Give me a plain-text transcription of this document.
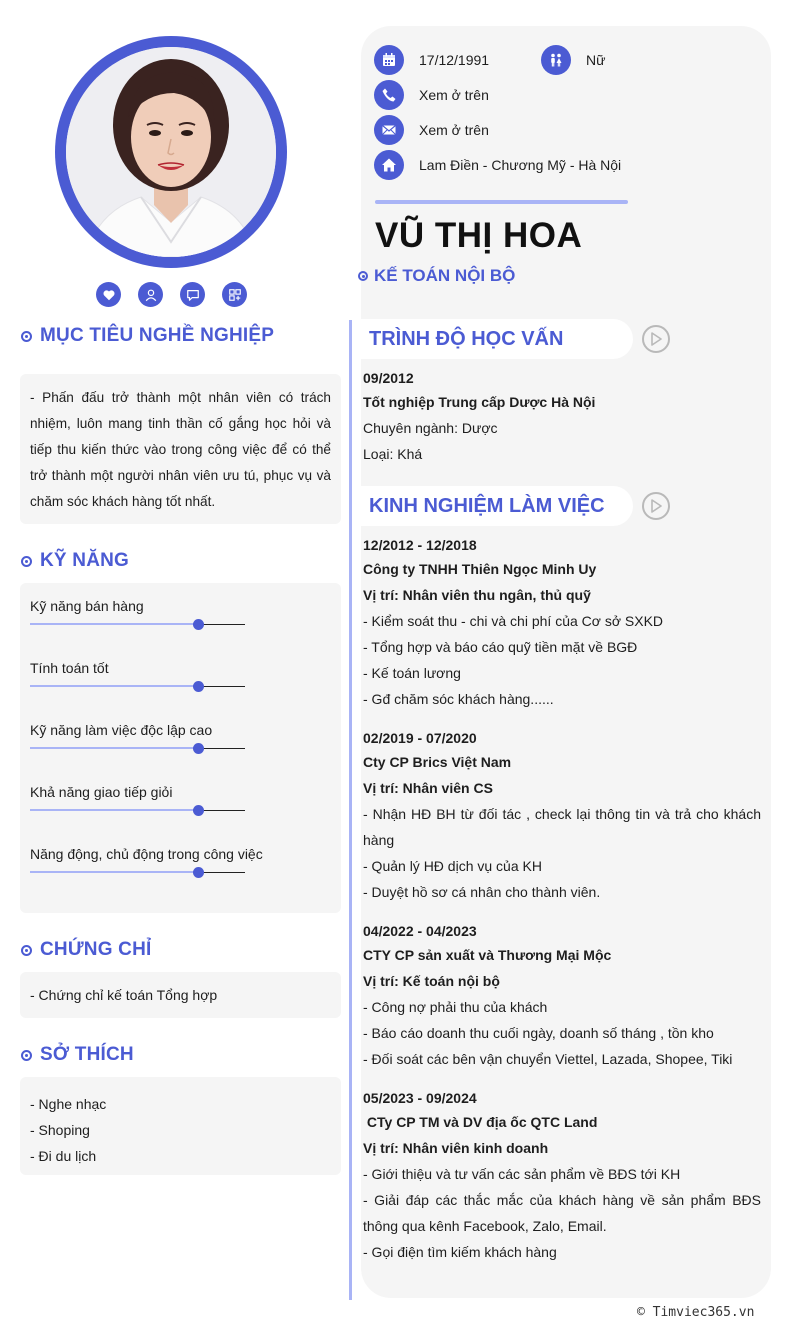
17/12/1991	Nữ
Xem ở trên
Xem ở trên
Lam Điền - Chương Mỹ - Hà Nội
VŨ THỊ HOA
KẾ TOÁN NỘI BỘ
MỤC TIÊU NGHỀ NGHIỆP

- Phấn đấu trở thành một nhân viên có trách nhiệm, luôn mang tinh thần cố gắng học hỏi và tiếp thu kiến thức vào trong công việc để có thể trở thành một người nhân viên ưu tú, phục vụ và chăm sóc khách hàng tốt nhất.

KỸ NĂNG
Kỹ năng bán hàng
Tính toán tốt
Kỹ năng làm việc độc lập cao
Khả năng giao tiếp giỏi
Năng động, chủ động trong công việc
CHỨNG CHỈ
- Chứng chỉ kế toán Tổng hợp
SỞ THÍCH
- Nghe nhạc
- Shoping
- Đi du lịch
TRÌNH ĐỘ HỌC VẤN
09/2012
Tốt nghiệp Trung cấp Dược Hà Nội
Chuyên ngành: Dược
Loại: Khá
KINH NGHIỆM LÀM VIỆC
12/2012 - 12/2018
Công ty TNHH Thiên Ngọc Minh Uy
Vị trí: Nhân viên thu ngân, thủ quỹ
- Kiểm soát thu - chi và chi phí của Cơ sở SXKD
- Tổng hợp và báo cáo quỹ tiền mặt về BGĐ
- Kế toán lương
- Gđ chăm sóc khách hàng......
02/2019 - 07/2020
Cty CP Brics Việt Nam
Vị trí: Nhân viên CS
- Nhận HĐ BH từ đối tác , check lại thông tin và trả cho khách hàng
- Quản lý HĐ dịch vụ của KH
- Duyệt hồ sơ cá nhân cho thành viên.
04/2022 - 04/2023
CTY CP sản xuất và Thương Mại Mộc
Vị trí: Kế toán nội bộ
- Công nợ phải thu của khách
- Báo cáo doanh thu cuối ngày, doanh số tháng , tồn kho
- Đối soát các bên vận chuyển Viettel, Lazada, Shopee, Tiki
05/2023 - 09/2024
CTy CP TM và DV địa ốc QTC Land
Vị trí: Nhân viên kinh doanh
- Giới thiệu và tư vấn các sản phẩm về BĐS tới KH
- Giải đáp các thắc mắc của khách hàng về sản phẩm BĐS thông qua kênh Facebook, Zalo, Email.
- Gọi điện tìm kiếm khách hàng
© Timviec365.vn
